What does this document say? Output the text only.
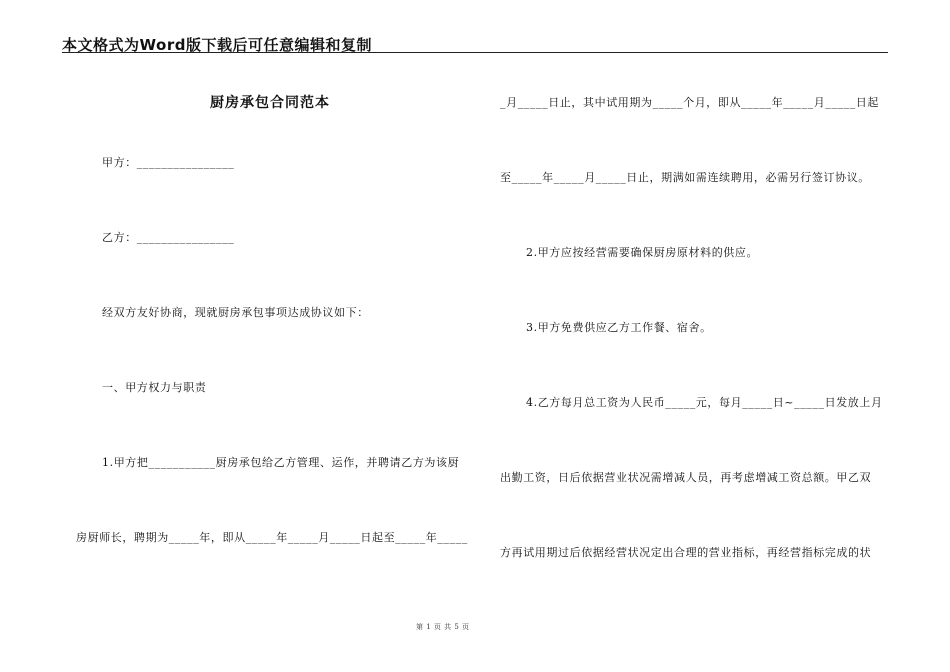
本文格式为Word版下载后可任意编辑和复制
厨房承包合同范本
甲方：________________
乙方：________________
经双方友好协商，现就厨房承包事项达成协议如下：
一、甲方权力与职责
1.甲方把___________厨房承包给乙方管理、运作，并聘请乙方为该厨
房厨师长，聘期为_____年，即从_____年_____月_____日起至_____年_____
_月_____日止，其中试用期为_____个月，即从_____年_____月_____日起
至_____年_____月_____日止，期满如需连续聘用，必需另行签订协议。
2.甲方应按经营需要确保厨房原材料的供应。
3.甲方免费供应乙方工作餐、宿舍。
4.乙方每月总工资为人民币_____元，每月_____日~_____日发放上月
出勤工资，日后依据营业状况需增减人员，再考虑增减工资总额。甲乙双
方再试用期过后依据经营状况定出合理的营业指标，再经营指标完成的状
第 1 页 共 5 页
